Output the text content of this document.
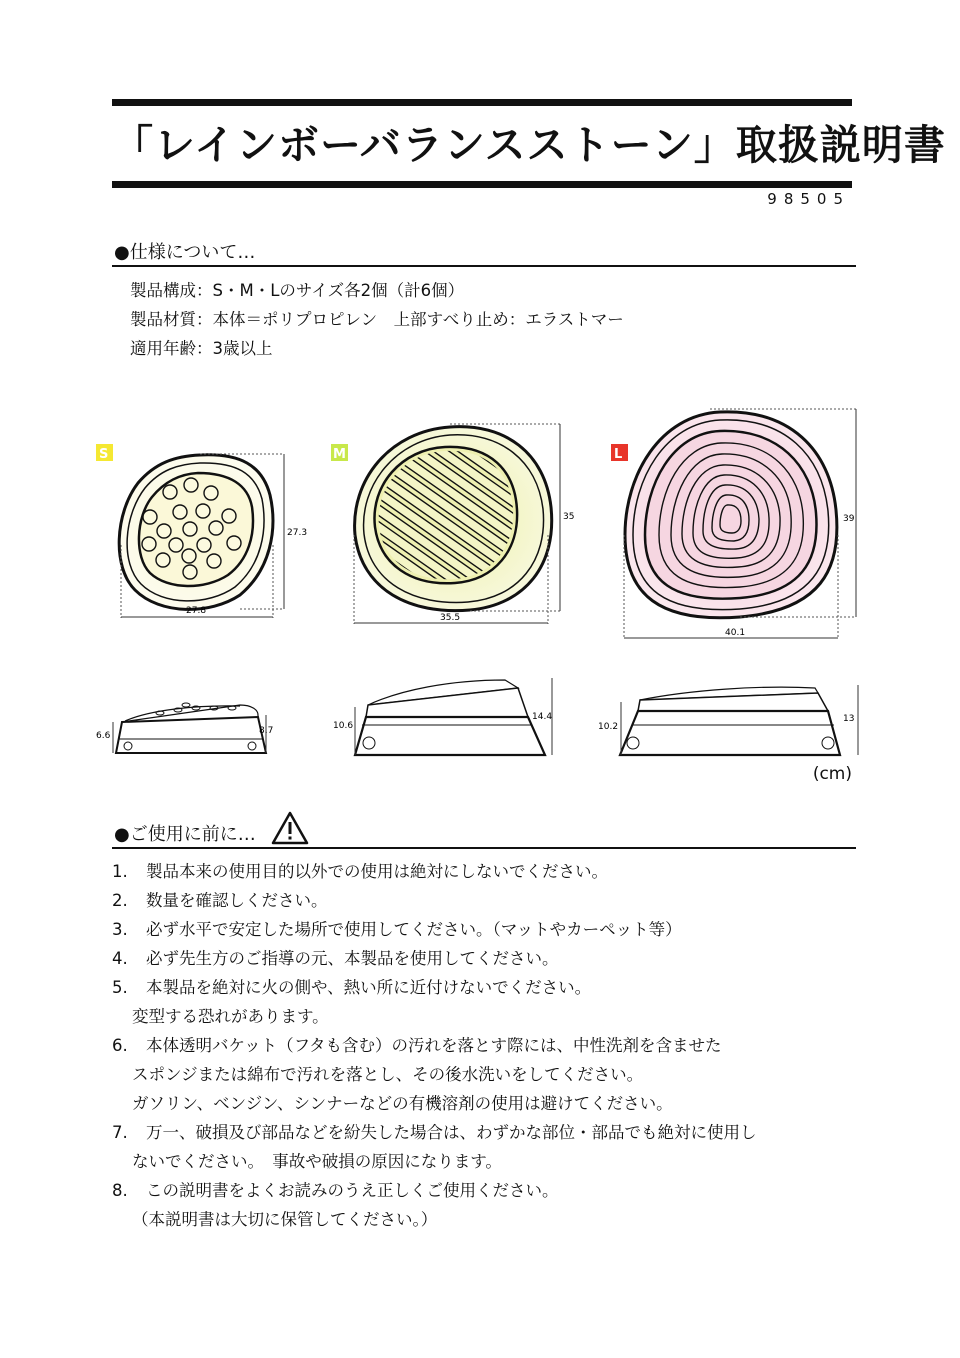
「レインボーバランスストーン」取扱説明書
98505
●仕様について…
製品構成：S・M・Lのサイズ各2個（計6個）
製品材質：本体＝ポリプロピレン　上部すべり止め：エラストマー
適用年齢：3歳以上
S
27.3
27.8
M
35
35.5
L
39
40.1
6.6	8.7	10.6
14.4
10.2
13
(cm)
●ご使用に前に…
1. 製品本来の使用目的以外での使用は絶対にしないでください。
2. 数量を確認しください。
3. 必ず水平で安定した場所で使用してください。（マットやカーペット等）
4. 必ず先生方のご指導の元、本製品を使用してください。
5. 本製品を絶対に火の側や、熱い所に近付けないでください。
変型する恐れがあります。
6. 本体透明バケット（フタも含む）の汚れを落とす際には、中性洗剤を含ませた
スポンジまたは綿布で汚れを落とし、その後水洗いをしてください。
ガソリン、ベンジン、シンナーなどの有機溶剤の使用は避けてください。
7. 万一、破損及び部品などを紛失した場合は、わずかな部位・部品でも絶対に使用し
ないでください。　事故や破損の原因になります。
8. この説明書をよくお読みのうえ正しくご使用ください。
（本説明書は大切に保管してください。）
